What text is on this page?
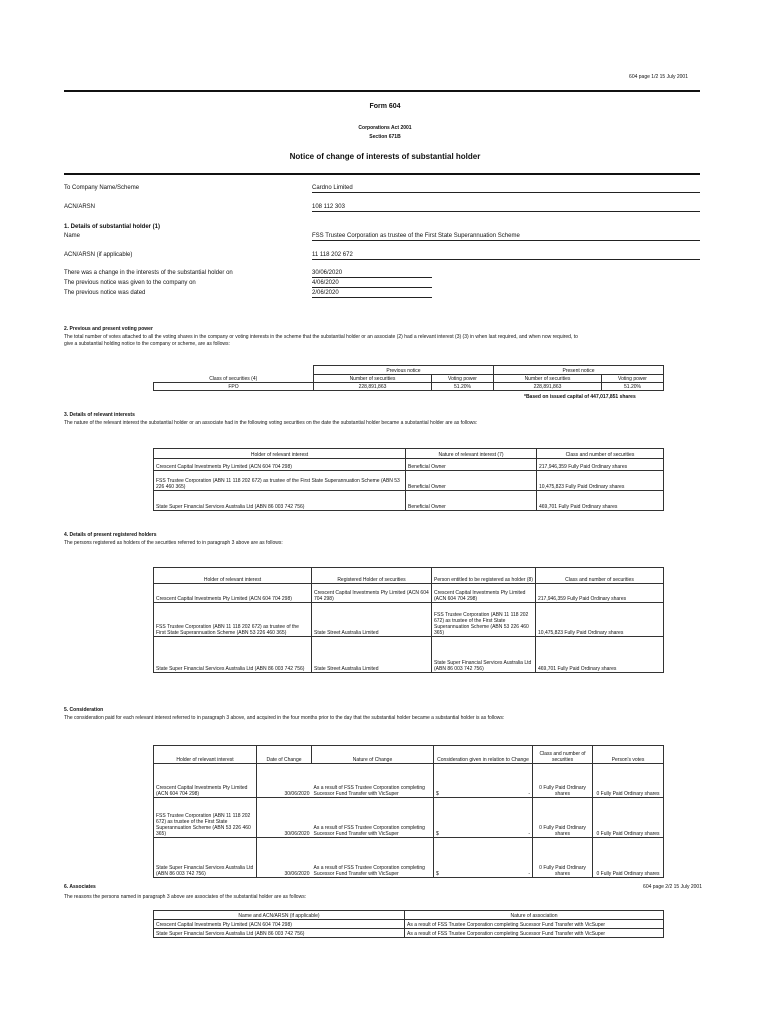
604 page 1/2 15 July 2001
Form 604
Corporations Act 2001
Section 671B
Notice of change of interests of substantial holder
To Company Name/Scheme	Cardno Limited
ACN/ARSN	108 112 303
1. Details of substantial holder (1)
Name	FSS Trustee Corporation as trustee of the First State Superannuation Scheme
ACN/ARSN (if applicable)	11 118 202 672
There was a change in the interests of the substantial holder on	30/06/2020
The previous notice was given to the company on	4/06/2020
The previous notice was dated	2/06/2020
2. Previous and present voting power
The total number of votes attached to all the voting shares in the company or voting interests in the scheme that the substantial holder or an associate (2) had a relevant interest (3) (3) in when last required, and when now required, to
give a substantial holding notice to the company or scheme, are as follows:
	Previous notice		Present notice	
Class of securities (4)	Number of securities	Voting power	Number of securities	Voting power
FPO	228,891,863	51.20%	228,891,863	51.20%
*Based on issued capital of 447,017,851 shares
3. Details of relevant interests
The nature of the relevant interest the substantial holder or an associate had in the following voting securities on the date the substantial holder became a substantial holder are as follows:
Holder of relevant interest	Nature of relevant interest (7)	Class and number of securities
Crescent Capital Investments Pty Limited (ACN 604 704 298)	Beneficial Owner	217,946,359 Fully Paid Ordinary shares
FSS Trustee Corporation (ABN 11 118 202 672) as trustee of the First State Superannuation Scheme (ABN 53 226 460 365)	Beneficial Owner	10,475,823 Fully Paid Ordinary shares
State Super Financial Services Australia Ltd (ABN 86 003 742 756)	Beneficial Owner	469,701 Fully Paid Ordinary shares
4. Details of present registered holders
The persons registered as holders of the securities referred to in paragraph 3 above are as follows:
Holder of relevant interest	Registered Holder of securities	Person entitled to be registered as holder (8)	Class and number of securities
Crescent Capital Investments Pty Limited (ACN 604 704 298)	Crescent Capital Investments Pty Limited (ACN 604 704 298)	Crescent Capital Investments Pty Limited (ACN 604 704 298)	217,946,359 Fully Paid Ordinary shares
FSS Trustee Corporation (ABN 11 118 202 672) as trustee of the First State Superannuation Scheme (ABN 53 226 460 365)	State Street Australia Limited	FSS Trustee Corporation (ABN 11 118 202 672) as trustee of the First State Superannuation Scheme (ABN 53 226 460 365)	10,475,823 Fully Paid Ordinary shares
State Super Financial Services Australia Ltd (ABN 86 003 742 756)	State Street Australia Limited	State Super Financial Services Australia Ltd (ABN 86 003 742 756)	469,701 Fully Paid Ordinary shares
5. Consideration
The consideration paid for each relevant interest referred to in paragraph 3 above, and acquired in the four months prior to the day that the substantial holder became a substantial holder is as follows:
Holder of relevant interest	Date of Change	Nature of Change	Consideration given in relation to Change		Class and number of securities	Person's votes
Crescent Capital Investments Pty Limited (ACN 604 704 298)	30/06/2020	As a result of FSS Trustee Corporation completing Sucessor Fund Transfer with VicSuper	$	-	0 Fully Paid Ordinary shares	0 Fully Paid Ordinary shares
FSS Trustee Corporation (ABN 11 118 202 672) as trustee of the First State Superannuation Scheme (ABN 53 226 460 365)	30/06/2020	As a result of FSS Trustee Corporation completing Sucessor Fund Transfer with VicSuper	$	-	0 Fully Paid Ordinary shares	0 Fully Paid Ordinary shares
State Super Financial Services Australia Ltd (ABN 86 003 742 756)	30/06/2020	As a result of FSS Trustee Corporation completing Sucessor Fund Transfer with VicSuper	$	-	0 Fully Paid Ordinary shares	0 Fully Paid Ordinary shares
604 page 2/2 15 July 2001
6. Associates
The reasons the persons named in paragraph 3 above are associates of the substantial holder are as follows:
Name and ACN/ARSN (if applicable)	Nature of association
Crescent Capital Investments Pty Limited (ACN 604 704 298)	As a result of FSS Trustee Corporation completing Sucessor Fund Transfer with VicSuper
State Super Financial Services Australia Ltd (ABN 86 003 742 756)	As a result of FSS Trustee Corporation completing Sucessor Fund Transfer with VicSuper
